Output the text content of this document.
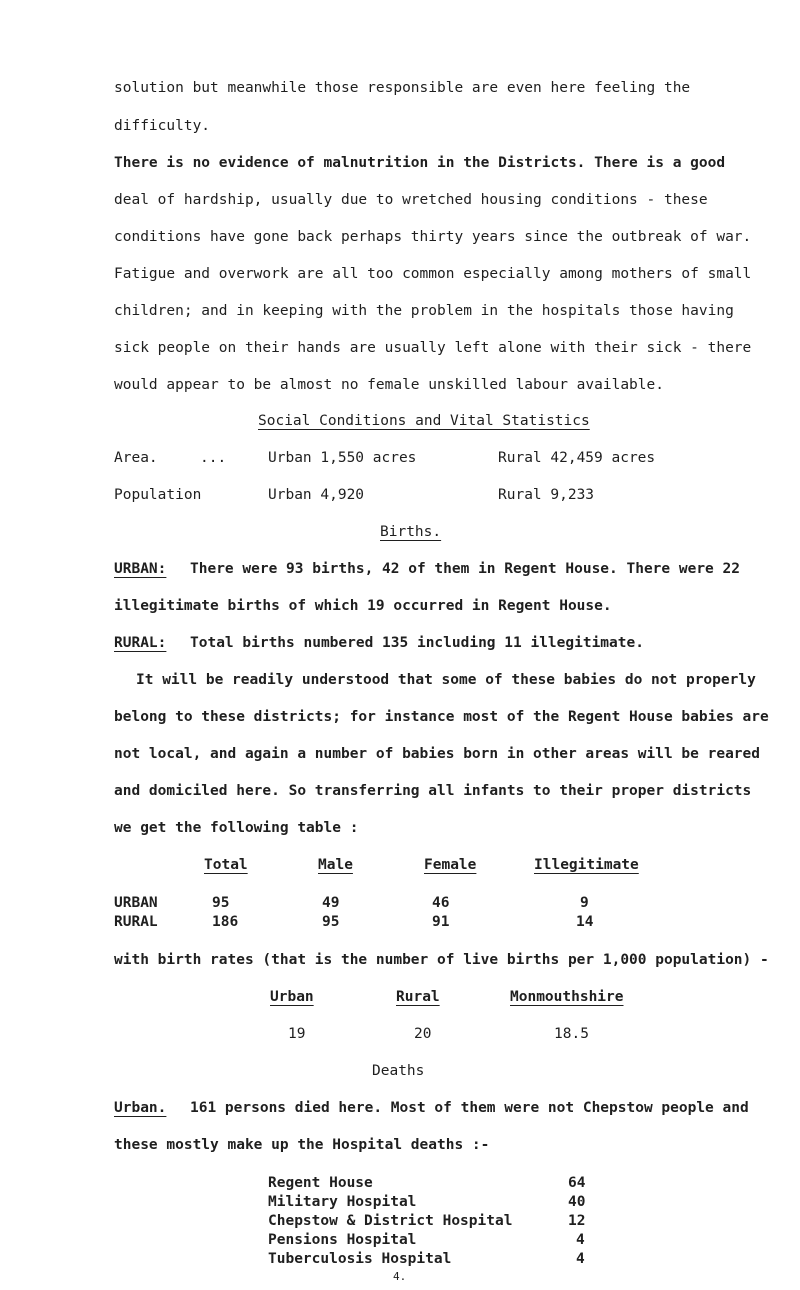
solution but meanwhile those responsible are even here feeling the
difficulty.
There is no evidence of malnutrition in the Districts. There is a good
deal of hardship, usually due to wretched housing conditions - these
conditions have gone back perhaps thirty years since the outbreak of war.
Fatigue and overwork are all too common especially among mothers of small
children; and in keeping with the problem in the hospitals those having
sick people on their hands are usually left alone with their sick - there
would appear to be almost no female unskilled labour available.
Social Conditions and Vital Statistics
Area.	...	Urban 1,550 acres	Rural 42,459 acres
Population	Urban 4,920	Rural 9,233
Births.
URBAN: There were 93 births, 42 of them in Regent House. There were 22
illegitimate births of which 19 occurred in Regent House.
RURAL: Total births numbered 135 including 11 illegitimate.
It will be readily understood that some of these babies do not properly
belong to these districts; for instance most of the Regent House babies are
not local, and again a number of babies born in other areas will be reared
and domiciled here. So transferring all infants to their proper districts
we get the following table :
Total	Male	Female	Illegitimate
URBAN	95	49	46	9
RURAL	186	95	91	14
with birth rates (that is the number of live births per 1,000 population) -
Urban	Rural	Monmouthshire
19	20	18.5
Deaths
Urban. 161 persons died here. Most of them were not Chepstow people and
these mostly make up the Hospital deaths :-
Regent House	64
Military Hospital	40
Chepstow & District Hospital	12
Pensions Hospital	4
Tuberculosis Hospital	4
4.
